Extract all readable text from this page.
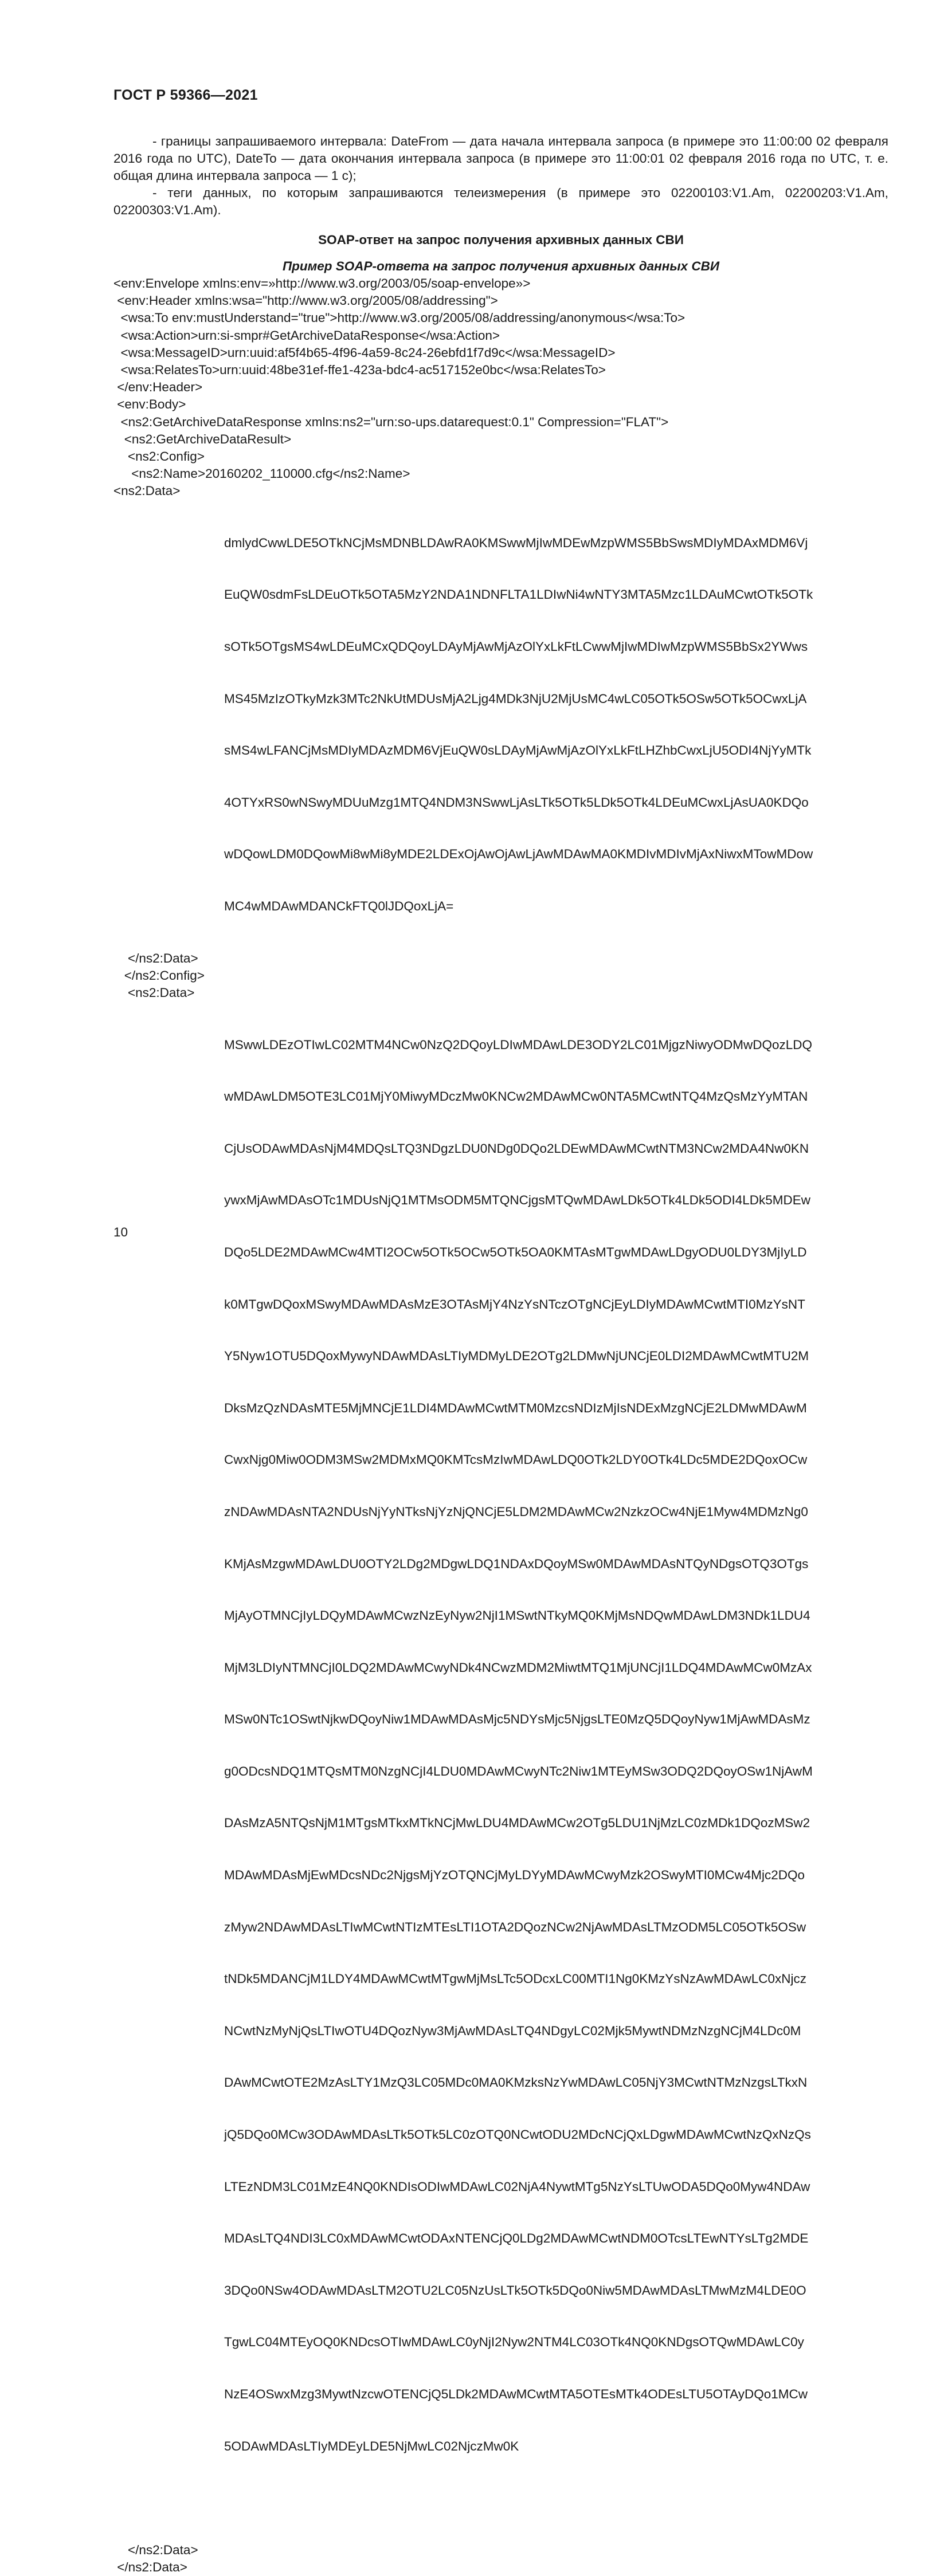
ГОСТ Р 59366—2021
- границы запрашиваемого интервала: DateFrom — дата начала интервала запроса (в примере это 11:00:00 02 февраля 2016 года по UTC), DateTo — дата окончания интервала запроса (в примере это 11:00:01 02 февраля 2016 года по UTC, т. е. общая длина интервала запроса — 1 с);
- теги данных, по которым запрашиваются телеизмерения (в примере это 02200103:V1.Am, 02200203:V1.Am, 02200303:V1.Am).
SOAP-ответ на запрос получения архивных данных СВИ
Пример SOAP-ответа на запрос получения архивных данных СВИ
<env:Envelope xmlns:env=»http://www.w3.org/2003/05/soap-envelope»>
<env:Header xmlns:wsa="http://www.w3.org/2005/08/addressing">
<wsa:To env:mustUnderstand="true">http://www.w3.org/2005/08/addressing/anonymous</wsa:To>
<wsa:Action>urn:si-smpr#GetArchiveDataResponse</wsa:Action>
<wsa:MessageID>urn:uuid:af5f4b65-4f96-4a59-8c24-26ebfd1f7d9c</wsa:MessageID>
<wsa:RelatesTo>urn:uuid:48be31ef-ffe1-423a-bdc4-ac517152e0bc</wsa:RelatesTo>
</env:Header>
<env:Body>
<ns2:GetArchiveDataResponse xmlns:ns2="urn:so-ups.datarequest:0.1" Compression="FLAT">
<ns2:GetArchiveDataResult>
<ns2:Config>
<ns2:Name>20160202_110000.cfg</ns2:Name>
<ns2:Data>

dmlydCwwLDE5OTkNCjMsMDNBLDAwRA0KMSwwMjIwMDEwMzpWMS5BbSwsMDIyMDAxMDM6Vj

EuQW0sdmFsLDEuOTk5OTA5MzY2NDA1NDNFLTA1LDIwNi4wNTY3MTA5Mzc1LDAuMCwtOTk5OTk

sOTk5OTgsMS4wLDEuMCxQDQoyLDAyMjAwMjAzOlYxLkFtLCwwMjIwMDIwMzpWMS5BbSx2YWws

MS45MzIzOTkyMzk3MTc2NkUtMDUsMjA2Ljg4MDk3NjU2MjUsMC4wLC05OTk5OSw5OTk5OCwxLjA

sMS4wLFANCjMsMDIyMDAzMDM6VjEuQW0sLDAyMjAwMjAzOlYxLkFtLHZhbCwxLjU5ODI4NjYyMTk

4OTYxRS0wNSwyMDUuMzg1MTQ4NDM3NSwwLjAsLTk5OTk5LDk5OTk4LDEuMCwxLjAsUA0KDQo

wDQowLDM0DQowMi8wMi8yMDE2LDExOjAwOjAwLjAwMDAwMA0KMDIvMDIvMjAxNiwxMTowMDow

MC4wMDAwMDANCkFTQ0lJDQoxLjA=

</ns2:Data>
</ns2:Config>
<ns2:Data>

MSwwLDEzOTIwLC02MTM4NCw0NzQ2DQoyLDIwMDAwLDE3ODY2LC01MjgzNiwyODMwDQozLDQ

wMDAwLDM5OTE3LC01MjY0MiwyMDczMw0KNCw2MDAwMCw0NTA5MCwtNTQ4MzQsMzYyMTAN

CjUsODAwMDAsNjM4MDQsLTQ3NDgzLDU0NDg0DQo2LDEwMDAwMCwtNTM3NCw2MDA4Nw0KN

ywxMjAwMDAsOTc1MDUsNjQ1MTMsODM5MTQNCjgsMTQwMDAwLDk5OTk4LDk5ODI4LDk5MDEw

DQo5LDE2MDAwMCw4MTI2OCw5OTk5OCw5OTk5OA0KMTAsMTgwMDAwLDgyODU0LDY3MjIyLD

k0MTgwDQoxMSwyMDAwMDAsMzE3OTAsMjY4NzYsNTczOTgNCjEyLDIyMDAwMCwtMTI0MzYsNT

Y5Nyw1OTU5DQoxMywyNDAwMDAsLTIyMDMyLDE2OTg2LDMwNjUNCjE0LDI2MDAwMCwtMTU2M

DksMzQzNDAsMTE5MjMNCjE1LDI4MDAwMCwtMTM0MzcsNDIzMjIsNDExMzgNCjE2LDMwMDAwM

CwxNjg0Miw0ODM3MSw2MDMxMQ0KMTcsMzIwMDAwLDQ0OTk2LDY0OTk4LDc5MDE2DQoxOCw

zNDAwMDAsNTA2NDUsNjYyNTksNjYzNjQNCjE5LDM2MDAwMCw2NzkzOCw4NjE1Myw4MDMzNg0

KMjAsMzgwMDAwLDU0OTY2LDg2MDgwLDQ1NDAxDQoyMSw0MDAwMDAsNTQyNDgsOTQ3OTgs

MjAyOTMNCjIyLDQyMDAwMCwzNzEyNyw2NjI1MSwtNTkyMQ0KMjMsNDQwMDAwLDM3NDk1LDU4

MjM3LDIyNTMNCjI0LDQ2MDAwMCwyNDk4NCwzMDM2MiwtMTQ1MjUNCjI1LDQ4MDAwMCw0MzAx

MSw0NTc1OSwtNjkwDQoyNiw1MDAwMDAsMjc5NDYsMjc5NjgsLTE0MzQ5DQoyNyw1MjAwMDAsMz

g0ODcsNDQ1MTQsMTM0NzgNCjI4LDU0MDAwMCwyNTc2Niw1MTEyMSw3ODQ2DQoyOSw1NjAwM

DAsMzA5NTQsNjM1MTgsMTkxMTkNCjMwLDU4MDAwMCw2OTg5LDU1NjMzLC0zMDk1DQozMSw2

MDAwMDAsMjEwMDcsNDc2NjgsMjYzOTQNCjMyLDYyMDAwMCwyMzk2OSwyMTI0MCw4Mjc2DQo

zMyw2NDAwMDAsLTIwMCwtNTIzMTEsLTI1OTA2DQozNCw2NjAwMDAsLTMzODM5LC05OTk5OSw

tNDk5MDANCjM1LDY4MDAwMCwtMTgwMjMsLTc5ODcxLC00MTI1Ng0KMzYsNzAwMDAwLC0xNjcz

NCwtNzMyNjQsLTIwOTU4DQozNyw3MjAwMDAsLTQ4NDgyLC02Mjk5MywtNDMzNzgNCjM4LDc0M

DAwMCwtOTE2MzAsLTY1MzQ3LC05MDc0MA0KMzksNzYwMDAwLC05NjY3MCwtNTMzNzgsLTkxN

jQ5DQo0MCw3ODAwMDAsLTk5OTk5LC0zOTQ0NCwtODU2MDcNCjQxLDgwMDAwMCwtNzQxNzQs

LTEzNDM3LC01MzE4NQ0KNDIsODIwMDAwLC02NjA4NywtMTg5NzYsLTUwODA5DQo0Myw4NDAw

MDAsLTQ4NDI3LC0xMDAwMCwtODAxNTENCjQ0LDg2MDAwMCwtNDM0OTcsLTEwNTYsLTg2MDE

3DQo0NSw4ODAwMDAsLTM2OTU2LC05NzUsLTk5OTk5DQo0Niw5MDAwMDAsLTMwMzM4LDE0O

TgwLC04MTEyOQ0KNDcsOTIwMDAwLC0yNjI2Nyw2NTM4LC03OTk4NQ0KNDgsOTQwMDAwLC0y

NzE4OSwxMzg3MywtNzcwOTENCjQ5LDk2MDAwMCwtMTA5OTEsMTk4ODEsLTU5OTAyDQo1MCw

5ODAwMDAsLTIyMDEyLDE5NjMwLC02NjczMw0K

</ns2:Data>
</ns2:Data>
10
